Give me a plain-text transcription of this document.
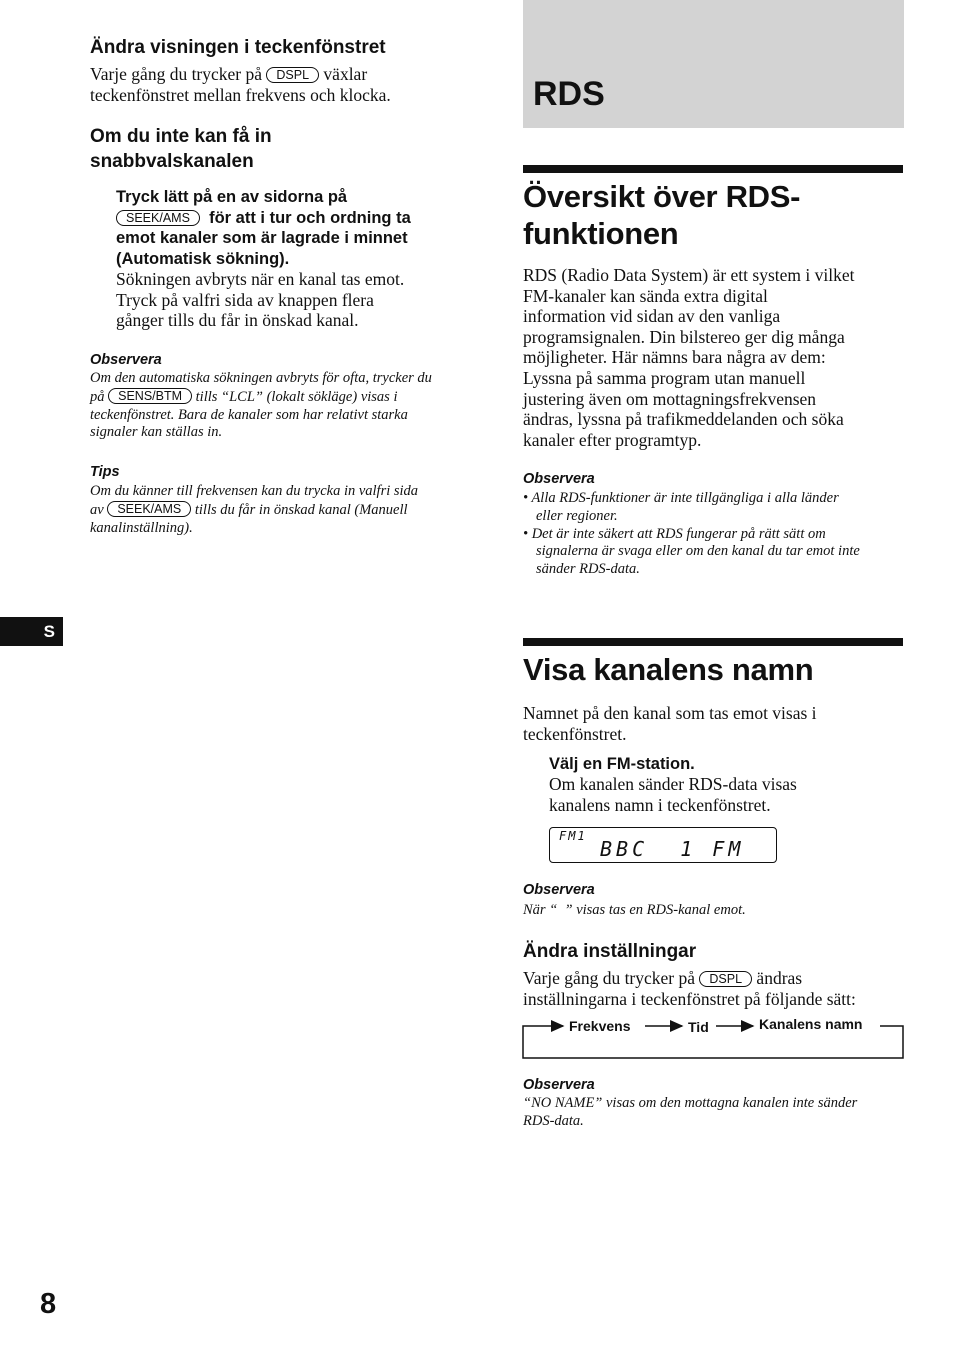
Ändra visningen i teckenfönstret
Varje gång du trycker på DSPL växlar
teckenfönstret mellan frekvens och klocka.
Om du inte kan få in
snabbvalskanalen
Tryck lätt på en av sidorna på
SEEK/AMS för att i tur och ordning ta
emot kanaler som är lagrade i minnet
(Automatisk sökning).
Sökningen avbryts när en kanal tas emot.
Tryck på valfri sida av knappen flera
gånger tills du får in önskad kanal.
Observera
Om den automatiska sökningen avbryts för ofta, trycker du
på SENS/BTM tills “LCL” (lokalt sökläge) visas i
teckenfönstret. Bara de kanaler som har relativt starka
signaler kan ställas in.
Tips
Om du känner till frekvensen kan du trycka in valfri sida
av SEEK/AMS tills du får in önskad kanal (Manuell
kanalinställning).
S
8
RDS
Översikt över RDS-
funktionen
RDS (Radio Data System) är ett system i vilket
FM-kanaler kan sända extra digital
information vid sidan av den vanliga
programsignalen. Din bilstereo ger dig många
möjligheter. Här nämns bara några av dem:
Lyssna på samma program utan manuell
justering även om mottagningsfrekvensen
ändras, lyssna på trafikmeddelanden och söka
kanaler efter programtyp.
Observera
• Alla RDS-funktioner är inte tillgängliga i alla länder
eller regioner.
• Det är inte säkert att RDS fungerar på rätt sätt om
signalerna är svaga eller om den kanal du tar emot inte
sänder RDS-data.
Visa kanalens namn
Namnet på den kanal som tas emot visas i
teckenfönstret.
Välj en FM-station.
Om kanalen sänder RDS-data visas
kanalens namn i teckenfönstret.
FM1
BBC  1 FM
Observera
När “  ” visas tas en RDS-kanal emot.
Ändra inställningar
Varje gång du trycker på DSPL ändras
inställningarna i teckenfönstret på följande sätt:
Frekvens	Tid	Kanalens namn
Observera
“NO NAME” visas om den mottagna kanalen inte sänder
RDS-data.
